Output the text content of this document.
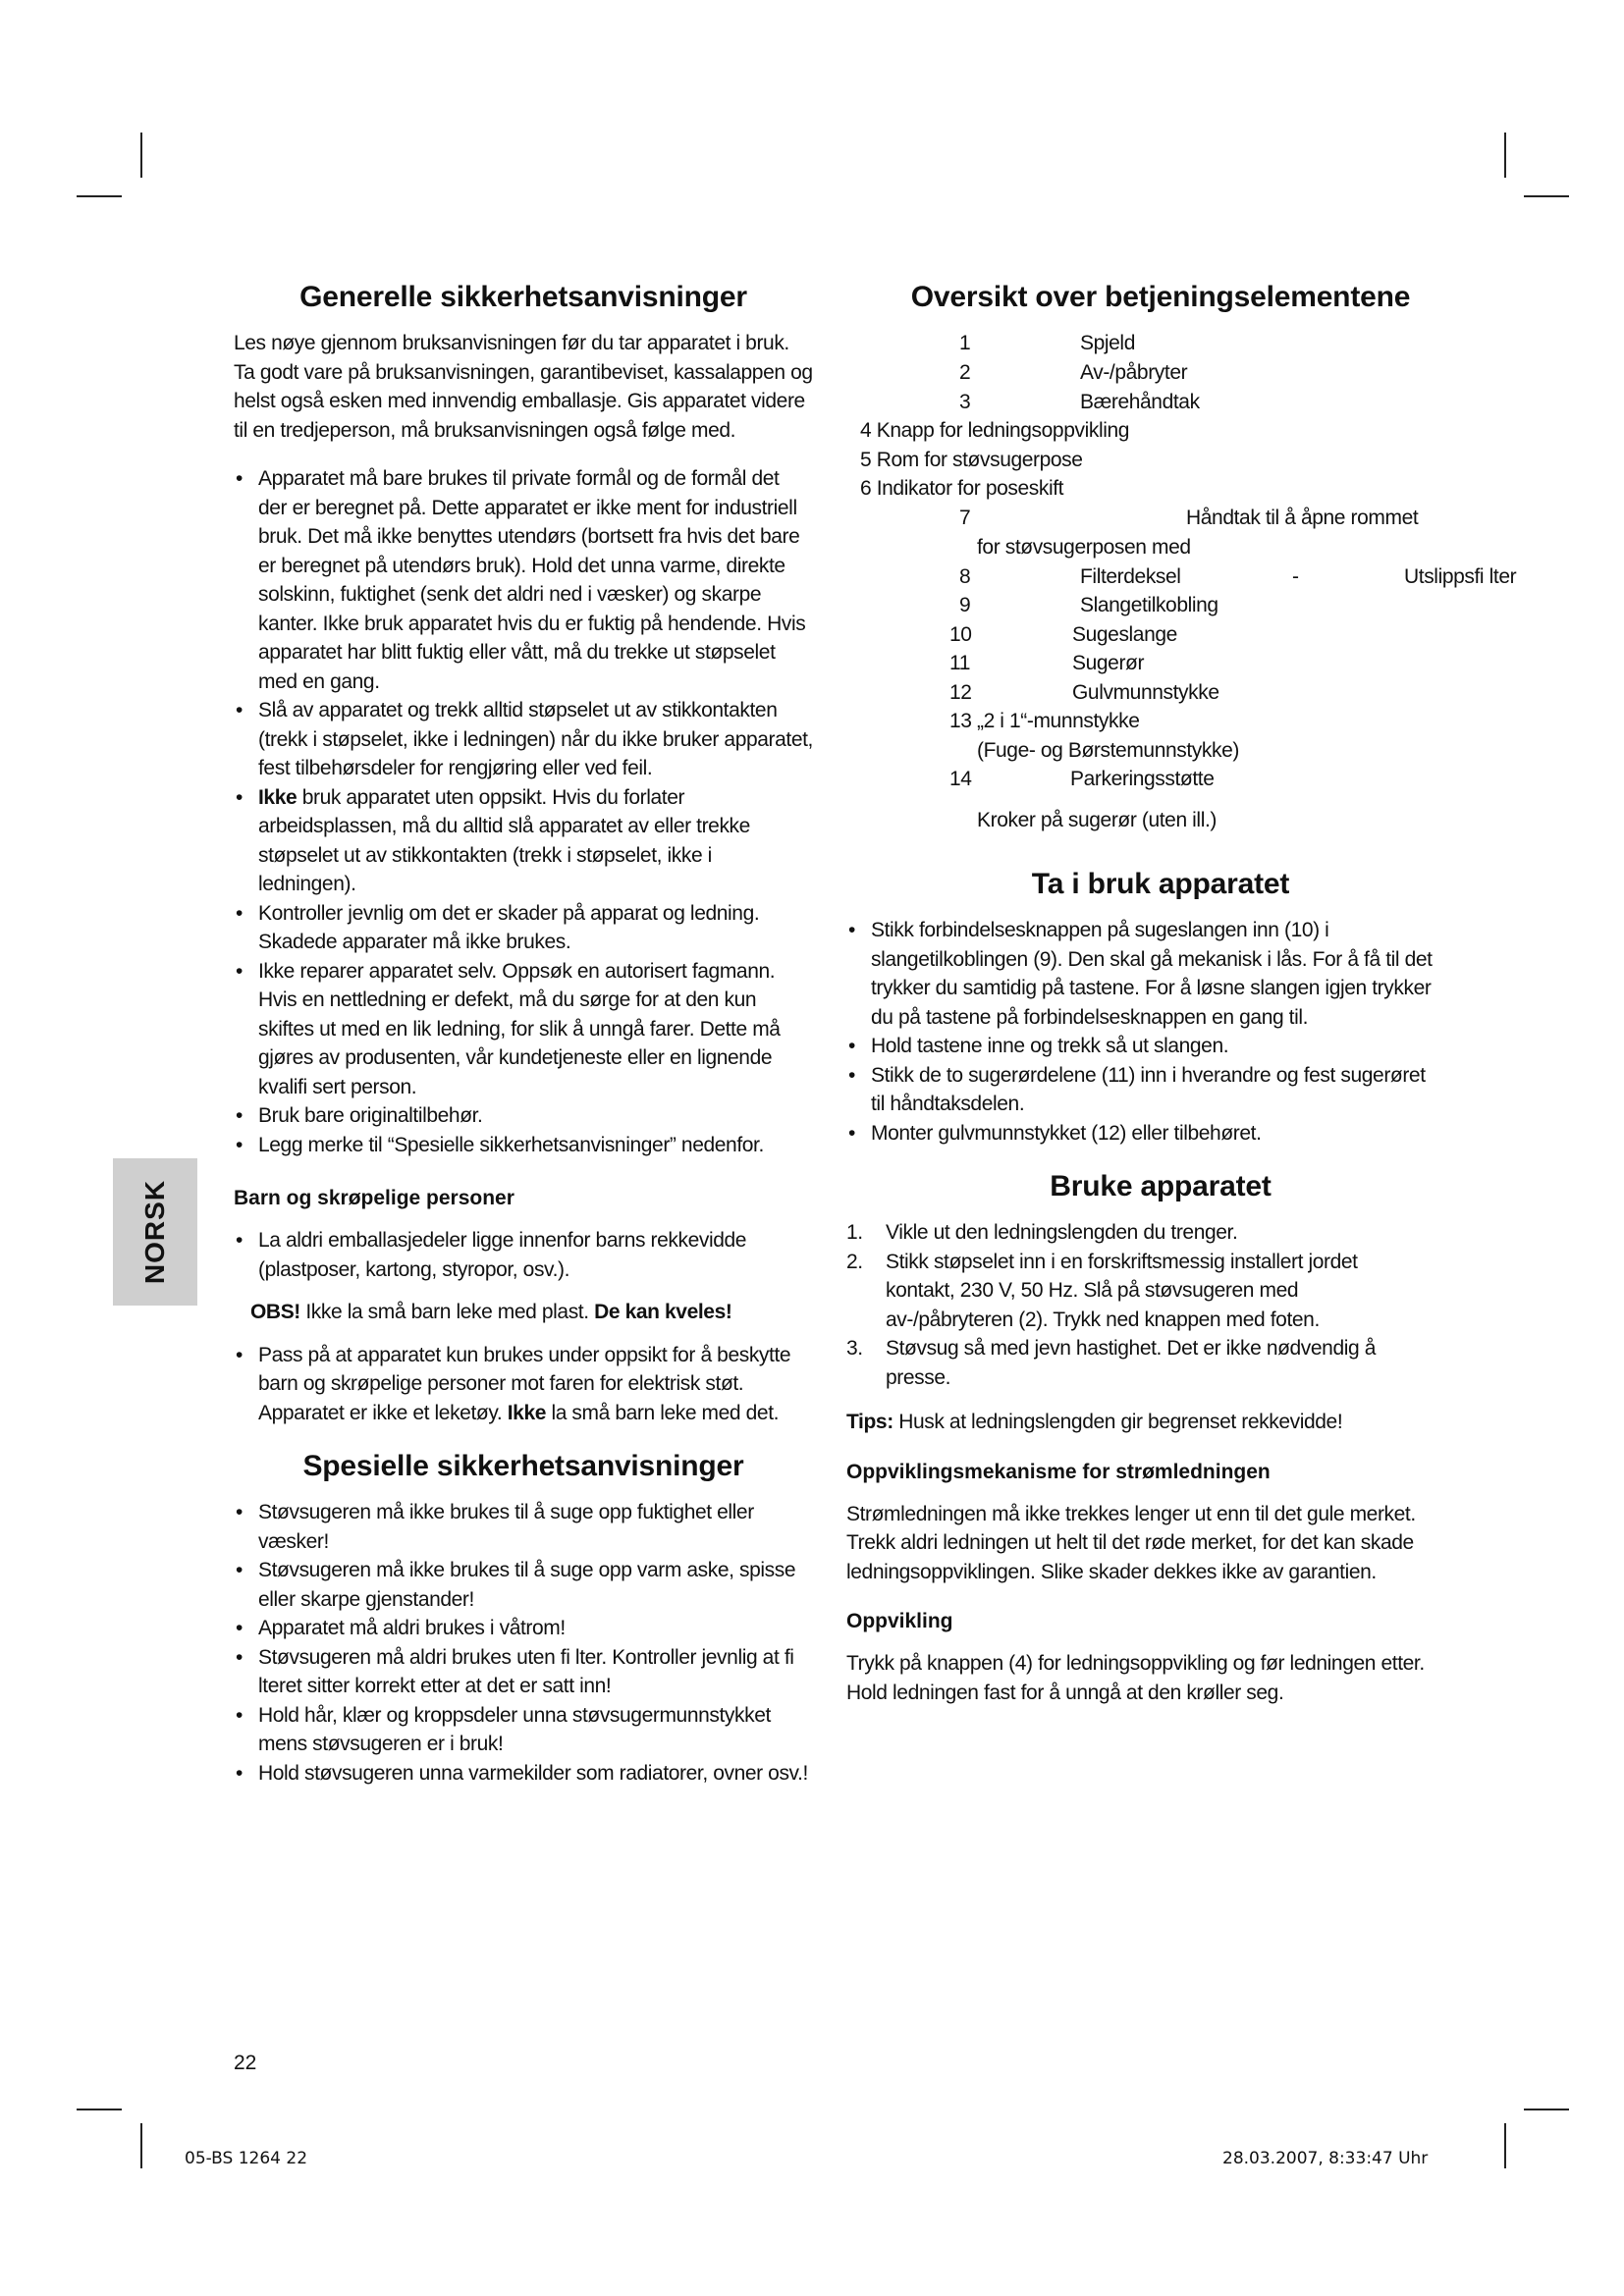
NORSK
Generelle sikkerhetsanvisninger

Les nøye gjennom bruksanvisningen før du tar apparatet i bruk. Ta godt vare på bruksanvisningen, garantibeviset, kassalappen og helst også esken med innvendig emballasje. Gis apparatet videre til en tredjeperson, må bruksanvisningen også følge med.

• Apparatet må bare brukes til private formål og de formål det der er beregnet på. Dette apparatet er ikke ment for industriell bruk. Det må ikke benyttes utendørs (bortsett fra hvis det bare er beregnet på utendørs bruk). Hold det unna varme, direkte solskinn, fuktighet (senk det aldri ned i væsker) og skarpe kanter. Ikke bruk apparatet hvis du er fuktig på hendende. Hvis apparatet har blitt fuktig eller vått, må du trekke ut støpselet med en gang.
• Slå av apparatet og trekk alltid støpselet ut av stikkontakten (trekk i støpselet, ikke i ledningen) når du ikke bruker apparatet, fest tilbehørsdeler for rengjøring eller ved feil.
• Ikke bruk apparatet uten oppsikt. Hvis du forlater arbeidsplassen, må du alltid slå apparatet av eller trekke støpselet ut av stikkontakten (trekk i støpselet, ikke i ledningen).
• Kontroller jevnlig om det er skader på apparat og ledning. Skadede apparater må ikke brukes.
• Ikke reparer apparatet selv. Oppsøk en autorisert fagmann. Hvis en nettledning er defekt, må du sørge for at den kun skiftes ut med en lik ledning, for slik å unngå farer. Dette må gjøres av produsenten, vår kundetjeneste eller en lignende kvalifi sert person.
• Bruk bare originaltilbehør.
• Legg merke til “Spesielle sikkerhetsanvisninger” nedenfor.
Barn og skrøpelige personer
• La aldri emballasjedeler ligge innenfor barns rekkevidde (plastposer, kartong, styropor, osv.).

OBS! Ikke la små barn leke med plast. De kan kveles!

• Pass på at apparatet kun brukes under oppsikt for å beskytte barn og skrøpelige personer mot faren for elektrisk støt. Apparatet er ikke et leketøy. Ikke la små barn leke med det.
Spesielle sikkerhetsanvisninger
• Støvsugeren må ikke brukes til å suge opp fuktighet eller væsker!
• Støvsugeren må ikke brukes til å suge opp varm aske, spisse eller skarpe gjenstander!
• Apparatet må aldri brukes i våtrom!
• Støvsugeren må aldri brukes uten fi lter. Kontroller jevnlig at fi lteret sitter korrekt etter at det er satt inn!
• Hold hår, klær og kroppsdeler unna støvsugermunnstykket mens støvsugeren er i bruk!
• Hold støvsugeren unna varmekilder som radiatorer, ovner osv.!
Oversikt over betjeningselementene
1	Spjeld
2	Av-/påbryter
3	Bærehåndtak
4 Knapp for ledningsoppvikling
5 Rom for støvsugerpose
6 Indikator for poseskift
7	Håndtak til å åpne rommet
for støvsugerposen med
8	Filterdeksel	-	Utslippsfi lter
9	Slangetilkobling
10	Sugeslange
11	Sugerør
12	Gulvmunnstykke
13 „2 i 1“-munnstykke
(Fuge- og Børstemunnstykke)
14	Parkeringsstøtte
Kroker på sugerør (uten ill.)
Ta i bruk apparatet
• Stikk forbindelsesknappen på sugeslangen inn (10) i slangetilkoblingen (9). Den skal gå mekanisk i lås. For å få til det trykker du samtidig på tastene. For å løsne slangen igjen trykker du på tastene på forbindelsesknappen en gang til.
• Hold tastene inne og trekk så ut slangen.
• Stikk de to sugerørdelene (11) inn i hverandre og fest sugerøret til håndtaksdelen.
• Monter gulvmunnstykket (12) eller tilbehøret.
Bruke apparatet
1. Vikle ut den ledningslengden du trenger.
2. Stikk støpselet inn i en forskriftsmessig installert jordet kontakt, 230 V, 50 Hz. Slå på støvsugeren med av-/påbryteren (2). Trykk ned knappen med foten.
3. Støvsug så med jevn hastighet. Det er ikke nødvendig å presse.

Tips: Husk at ledningslengden gir begrenset rekkevidde!

Oppviklingsmekanisme for strømledningen

Strømledningen må ikke trekkes lenger ut enn til det gule merket. Trekk aldri ledningen ut helt til det røde merket, for det kan skade ledningsoppviklingen. Slike skader dekkes ikke av garantien.

Oppvikling

Trykk på knappen (4) for ledningsoppvikling og før ledningen etter. Hold ledningen fast for å unngå at den krøller seg.

22
05-BS 1264 22	28.03.2007, 8:33:47 Uhr
